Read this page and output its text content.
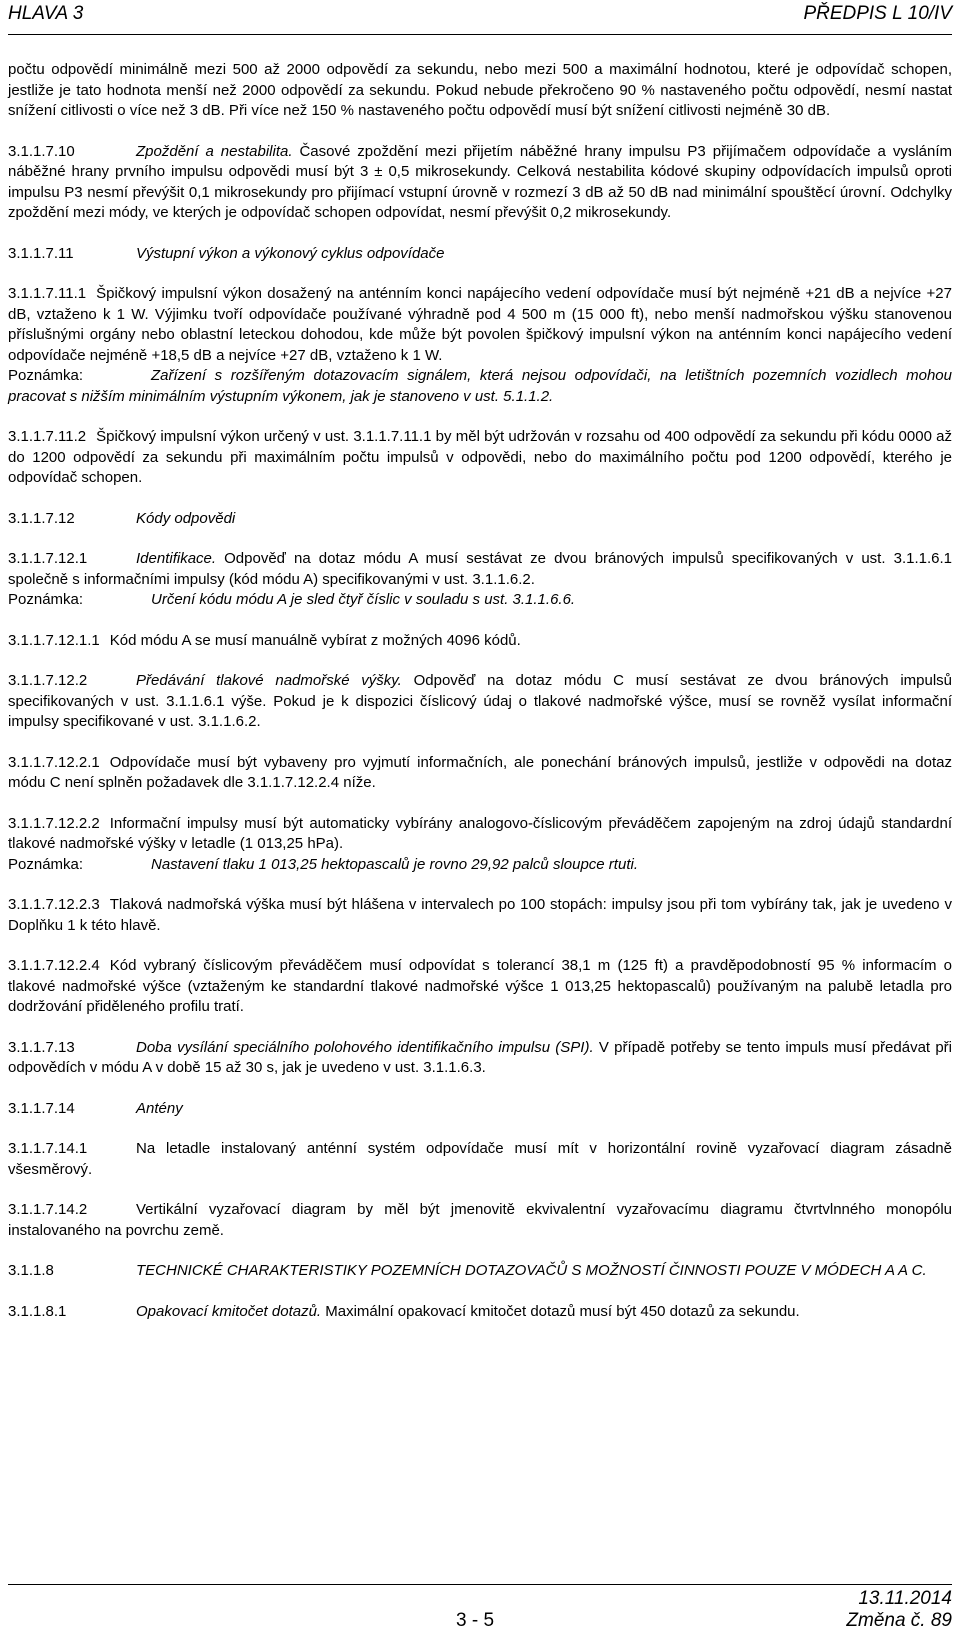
HLAVA 3	PŘEDPIS L 10/IV

počtu odpovědí minimálně mezi 500 až 2000 odpovědí za sekundu, nebo mezi 500 a maximální hodnotou, které je odpovídač schopen, jestliže je tato hodnota menší než 2000 odpovědí za sekundu. Pokud nebude překročeno 90 % nastaveného počtu odpovědí, nesmí nastat snížení citlivosti o více než 3 dB. Při více než 150 % nastaveného počtu odpovědí musí být snížení citlivosti nejméně 30 dB.

3.1.1.7.10	Zpoždění a nestabilita. Časové zpoždění mezi přijetím náběžné hrany impulsu P3 přijímačem odpovídače a vysláním náběžné hrany prvního impulsu odpovědi musí být 3 ± 0,5 mikrosekundy. Celková nestabilita kódové skupiny odpovídacích impulsů oproti impulsu P3 nesmí převýšit 0,1 mikrosekundy pro přijímací vstupní úrovně v rozmezí 3 dB až 50 dB nad minimální spouštěcí úrovní. Odchylky zpoždění mezi módy, ve kterých je odpovídač schopen odpovídat, nesmí převýšit 0,2 mikrosekundy.

3.1.1.7.11	Výstupní výkon a výkonový cyklus odpovídače

3.1.1.7.11.1 Špičkový impulsní výkon dosažený na anténním konci napájecího vedení odpovídače musí být nejméně +21 dB a nejvíce +27 dB, vztaženo k 1 W. Výjimku tvoří odpovídače používané výhradně pod 4 500 m (15 000 ft), nebo menší nadmořskou výšku stanovenou příslušnými orgány nebo oblastní leteckou dohodou, kde může být povolen špičkový impulsní výkon na anténním konci napájecího vedení odpovídače nejméně +18,5 dB a nejvíce +27 dB, vztaženo k 1 W.

Poznámka:	Zařízení s rozšířeným dotazovacím signálem, která nejsou odpovídači, na letištních pozemních vozidlech mohou pracovat s nižším minimálním výstupním výkonem, jak je stanoveno v ust. 5.1.1.2.

3.1.1.7.11.2 Špičkový impulsní výkon určený v ust. 3.1.1.7.11.1 by měl být udržován v rozsahu od 400 odpovědí za sekundu při kódu 0000 až do 1200 odpovědí za sekundu při maximálním počtu impulsů v odpovědi, nebo do maximálního počtu pod 1200 odpovědí, kterého je odpovídač schopen.

3.1.1.7.12	Kódy odpovědi

3.1.1.7.12.1	Identifikace. Odpověď na dotaz módu A musí sestávat ze dvou bránových impulsů specifikovaných v ust. 3.1.1.6.1 společně s informačními impulsy (kód módu A) specifikovanými v ust. 3.1.1.6.2.

Poznámka:	Určení kódu módu A je sled čtyř číslic v souladu s ust. 3.1.1.6.6.

3.1.1.7.12.1.1 Kód módu A se musí manuálně vybírat z možných 4096 kódů.

3.1.1.7.12.2	Předávání tlakové nadmořské výšky. Odpověď na dotaz módu C musí sestávat ze dvou bránových impulsů specifikovaných v ust. 3.1.1.6.1 výše. Pokud je k dispozici číslicový údaj o tlakové nadmořské výšce, musí se rovněž vysílat informační impulsy specifikované v ust. 3.1.1.6.2.

3.1.1.7.12.2.1 Odpovídače musí být vybaveny pro vyjmutí informačních, ale ponechání bránových impulsů, jestliže v odpovědi na dotaz módu C není splněn požadavek dle 3.1.1.7.12.2.4 níže.

3.1.1.7.12.2.2 Informační impulsy musí být automaticky vybírány analogovo-číslicovým převáděčem zapojeným na zdroj údajů standardní tlakové nadmořské výšky v letadle (1 013,25 hPa).

Poznámka:	Nastavení tlaku 1 013,25 hektopascalů je rovno 29,92 palců sloupce rtuti.

3.1.1.7.12.2.3 Tlaková nadmořská výška musí být hlášena v intervalech po 100 stopách: impulsy jsou při tom vybírány tak, jak je uvedeno v Doplňku 1 k této hlavě.

3.1.1.7.12.2.4 Kód vybraný číslicovým převáděčem musí odpovídat s tolerancí 38,1 m (125 ft) a pravděpodobností 95 % informacím o tlakové nadmořské výšce (vztaženým ke standardní tlakové nadmořské výšce 1 013,25 hektopascalů) používaným na palubě letadla pro dodržování přiděleného profilu tratí.

3.1.1.7.13	Doba vysílání speciálního polohového identifikačního impulsu (SPI). V případě potřeby se tento impuls musí předávat při odpovědích v módu A v době 15 až 30 s, jak je uvedeno v ust. 3.1.1.6.3.

3.1.1.7.14	Antény

3.1.1.7.14.1	Na letadle instalovaný anténní systém odpovídače musí mít v horizontální rovině vyzařovací diagram zásadně všesměrový.

3.1.1.7.14.2	Vertikální vyzařovací diagram by měl být jmenovitě ekvivalentní vyzařovacímu diagramu čtvrtvlnného monopólu instalovaného na povrchu země.

3.1.1.8	TECHNICKÉ CHARAKTERISTIKY POZEMNÍCH DOTAZOVAČŮ S MOŽNOSTÍ ČINNOSTI POUZE V MÓDECH A A C.

3.1.1.8.1	Opakovací kmitočet dotazů. Maximální opakovací kmitočet dotazů musí být 450 dotazů za sekundu.

3 - 5
13.11.2014
Změna č. 89
